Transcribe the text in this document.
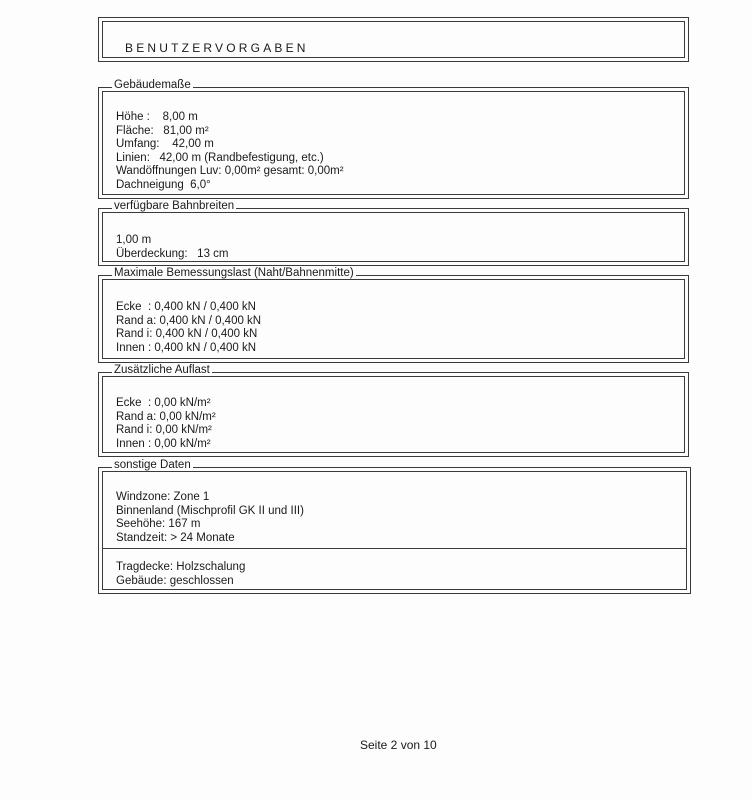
BENUTZERVORGABEN
Gebäudemaße
Höhe :    8,00 m
Fläche:   81,00 m²
Umfang:    42,00 m
Linien:   42,00 m (Randbefestigung, etc.)
Wandöffnungen Luv: 0,00m² gesamt: 0,00m²
Dachneigung  6,0°
verfügbare Bahnbreiten
1,00 m
Überdeckung:   13 cm
Maximale Bemessungslast (Naht/Bahnenmitte)
Ecke  : 0,400 kN / 0,400 kN
Rand a: 0,400 kN / 0,400 kN
Rand i: 0,400 kN / 0,400 kN
Innen : 0,400 kN / 0,400 kN
Zusätzliche Auflast
Ecke  : 0,00 kN/m²
Rand a: 0,00 kN/m²
Rand i: 0,00 kN/m²
Innen : 0,00 kN/m²
sonstige Daten
Windzone: Zone 1
Binnenland (Mischprofil GK II und III)
Seehöhe: 167 m
Standzeit: > 24 Monate
Tragdecke: Holzschalung
Gebäude: geschlossen
Seite 2 von 10
